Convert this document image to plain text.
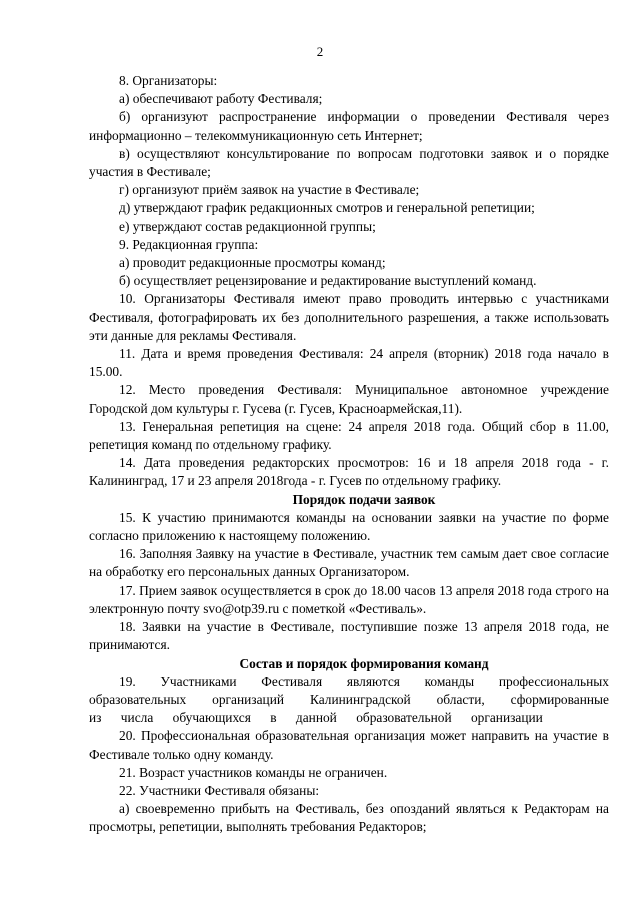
2

8. Организаторы:

а) обеспечивают работу Фестиваля;

б) организуют распространение информации о проведении Фестиваля через информационно – телекоммуникационную сеть Интернет;

в) осуществляют консультирование по вопросам подготовки заявок и о порядке участия в Фестивале;

г) организуют приём заявок на участие в Фестивале;

д) утверждают график редакционных смотров и генеральной репетиции;

е) утверждают состав редакционной группы;

9. Редакционная группа:

а) проводит редакционные просмотры команд;

б) осуществляет рецензирование и редактирование выступлений команд.

10. Организаторы Фестиваля имеют право проводить интервью с участниками Фестиваля, фотографировать их без дополнительного разрешения, а также использовать эти данные для рекламы Фестиваля.

11. Дата и время проведения Фестиваля: 24 апреля (вторник) 2018 года начало в 15.00.

12. Место проведения Фестиваля: Муниципальное автономное учреждение Городской дом культуры г. Гусева (г. Гусев, Красноармейская,11).

13. Генеральная репетиция на сцене: 24 апреля 2018 года. Общий сбор в 11.00, репетиция команд по отдельному графику.

14. Дата проведения редакторских просмотров: 16 и 18 апреля 2018 года - г. Калининград, 17 и 23 апреля 2018года - г. Гусев по отдельному графику.

Порядок подачи заявок

15. К участию принимаются команды на основании заявки на участие по форме согласно приложению к настоящему положению.

16. Заполняя Заявку на участие в Фестивале, участник тем самым дает свое согласие на обработку его персональных данных Организатором.

17. Прием заявок осуществляется в срок до 18.00 часов 13 апреля 2018 года строго на электронную почту svo@otp39.ru с пометкой «Фестиваль».

18. Заявки на участие в Фестивале, поступившие позже 13 апреля 2018 года, не принимаются.

Состав и порядок формирования команд

19. Участниками Фестиваля являются команды профессиональных образовательных организаций Калининградской области, сформированные из числа обучающихся в данной образовательной организации

20. Профессиональная образовательная организация может направить на участие в Фестивале только одну команду.

21. Возраст участников команды не ограничен.

22. Участники Фестиваля обязаны:

а) своевременно прибыть на Фестиваль, без опозданий являться к Редакторам на просмотры, репетиции, выполнять требования Редакторов;
